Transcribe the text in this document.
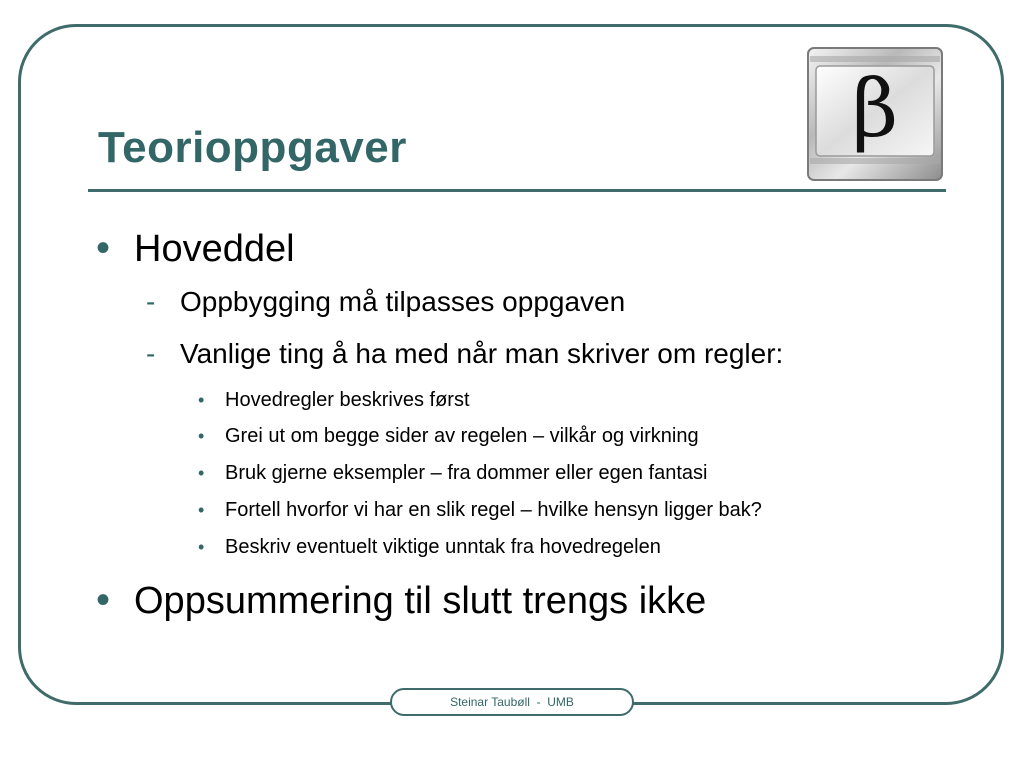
Teorioppgaver	β
• Hoveddel
- Oppbygging må tilpasses oppgaven
- Vanlige ting å ha med når man skriver om regler:
•	Hovedregler beskrives først
•	Grei ut om begge sider av regelen – vilkår og virkning
•	Bruk gjerne eksempler – fra dommer eller egen fantasi
•	Fortell hvorfor vi har en slik regel – hvilke hensyn ligger bak?
•	Beskriv eventuelt viktige unntak fra hovedregelen
• Oppsummering til slutt trengs ikke
Steinar Taubøll  -  UMB
